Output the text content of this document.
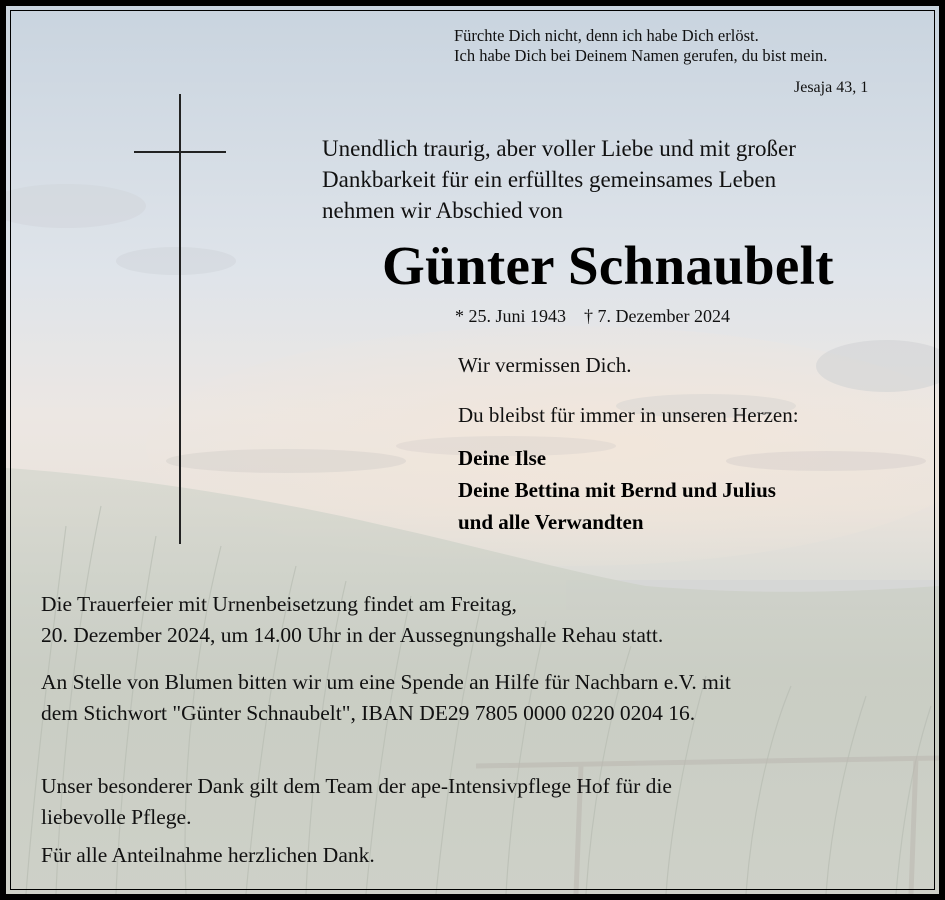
Fürchte Dich nicht, denn ich habe Dich erlöst.
Ich habe Dich bei Deinem Namen gerufen, du bist mein.
Jesaja 43, 1
Unendlich traurig, aber voller Liebe und mit großer
Dankbarkeit für ein erfülltes gemeinsames Leben
nehmen wir Abschied von
Günter Schnaubelt
* 25. Juni 1943 † 7. Dezember 2024
Wir vermissen Dich.
Du bleibst für immer in unseren Herzen:
Deine Ilse
Deine Bettina mit Bernd und Julius
und alle Verwandten
Die Trauerfeier mit Urnenbeisetzung findet am Freitag,
20. Dezember 2024, um 14.00 Uhr in der Aussegnungshalle Rehau statt.
An Stelle von Blumen bitten wir um eine Spende an Hilfe für Nachbarn e.V. mit
dem Stichwort "Günter Schnaubelt", IBAN DE29 7805 0000 0220 0204 16.
Unser besonderer Dank gilt dem Team der ape-Intensivpflege Hof für die
liebevolle Pflege.
Für alle Anteilnahme herzlichen Dank.
